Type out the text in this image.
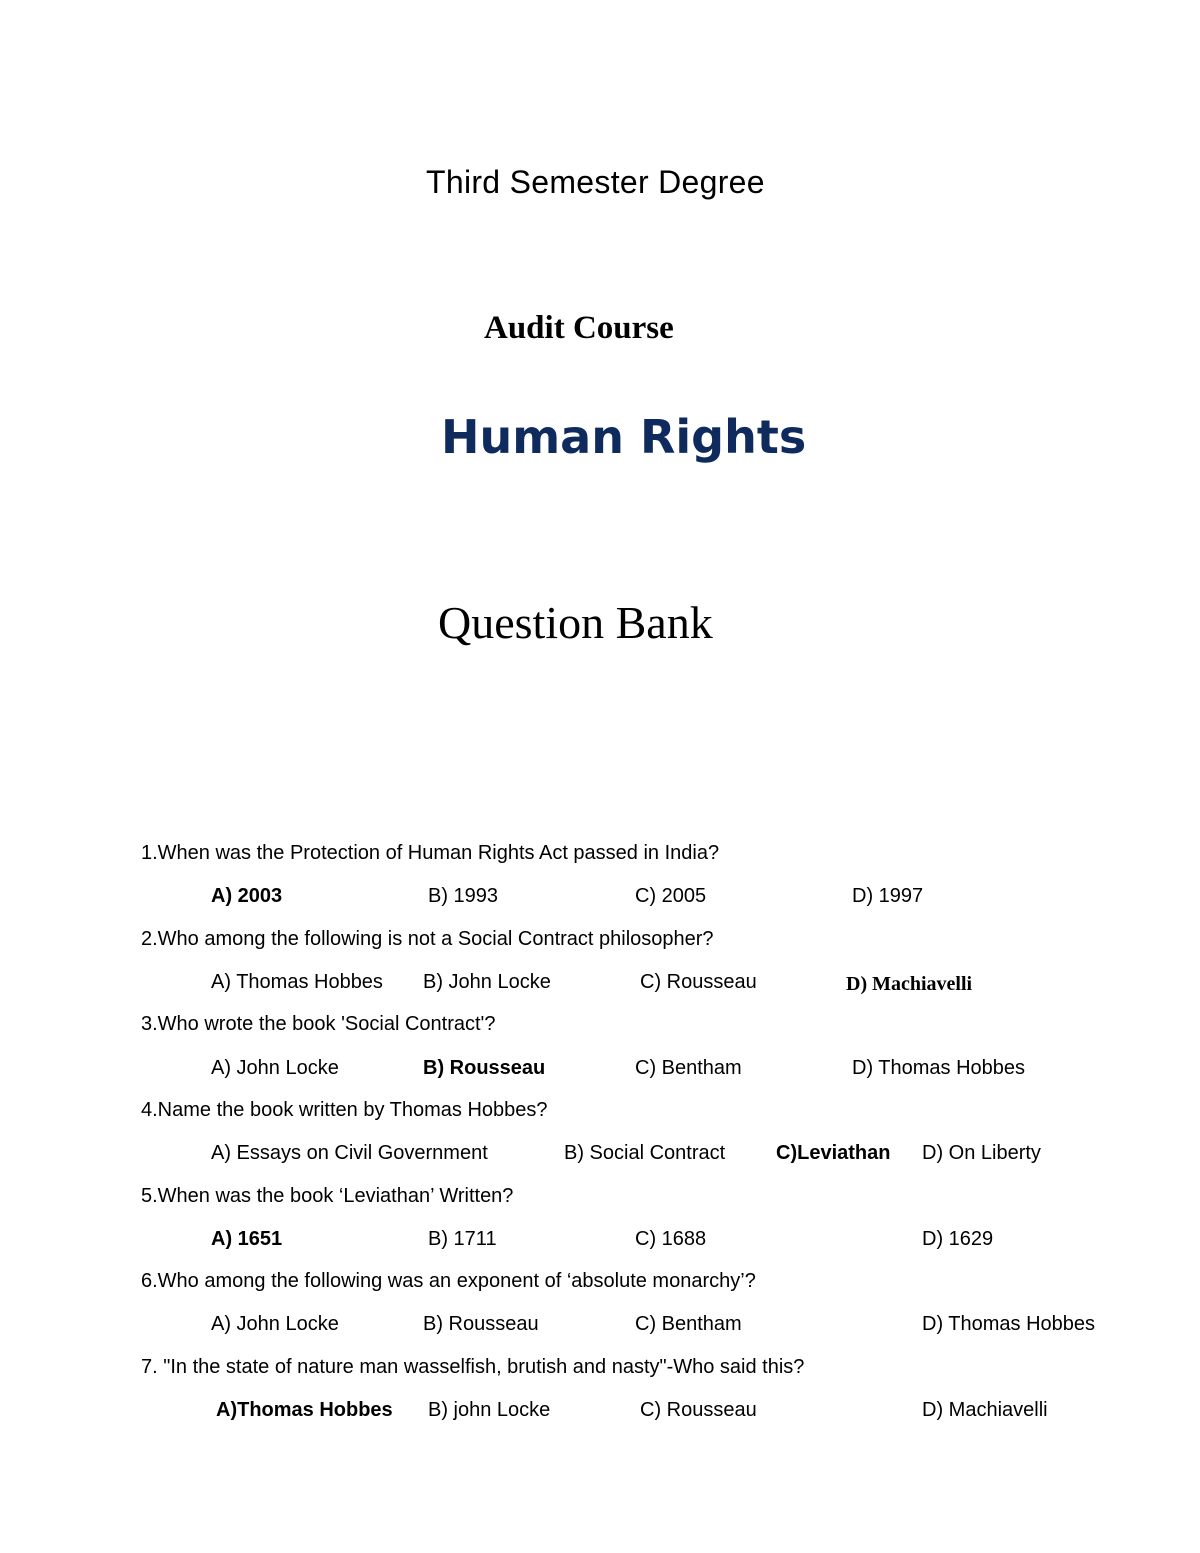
Third Semester Degree
Audit Course
Human Rights
Question Bank
1.When was the Protection of Human Rights Act passed in India?
A) 2003	B) 1993	C) 2005	D) 1997
2.Who among the following is not a Social Contract philosopher?
A) Thomas Hobbes B) John Locke	C) Rousseau	D) Machiavelli
3.Who wrote the book 'Social Contract'?
A) John Locke	B) Rousseau	C) Bentham	D) Thomas Hobbes
4.Name the book written by Thomas Hobbes?
A) Essays on Civil Government	B) Social Contract	C)Leviathan D) On Liberty
5.When was the book ‘Leviathan’ Written?
A) 1651	B) 1711	C) 1688	D) 1629
6.Who among the following was an exponent of ‘absolute monarchy’?
A) John Locke	B) Rousseau	C) Bentham	D) Thomas Hobbes
7. "In the state of nature man wasselfish, brutish and nasty"-Who said this?
A)Thomas Hobbes B) john Locke	C) Rousseau	D) Machiavelli
